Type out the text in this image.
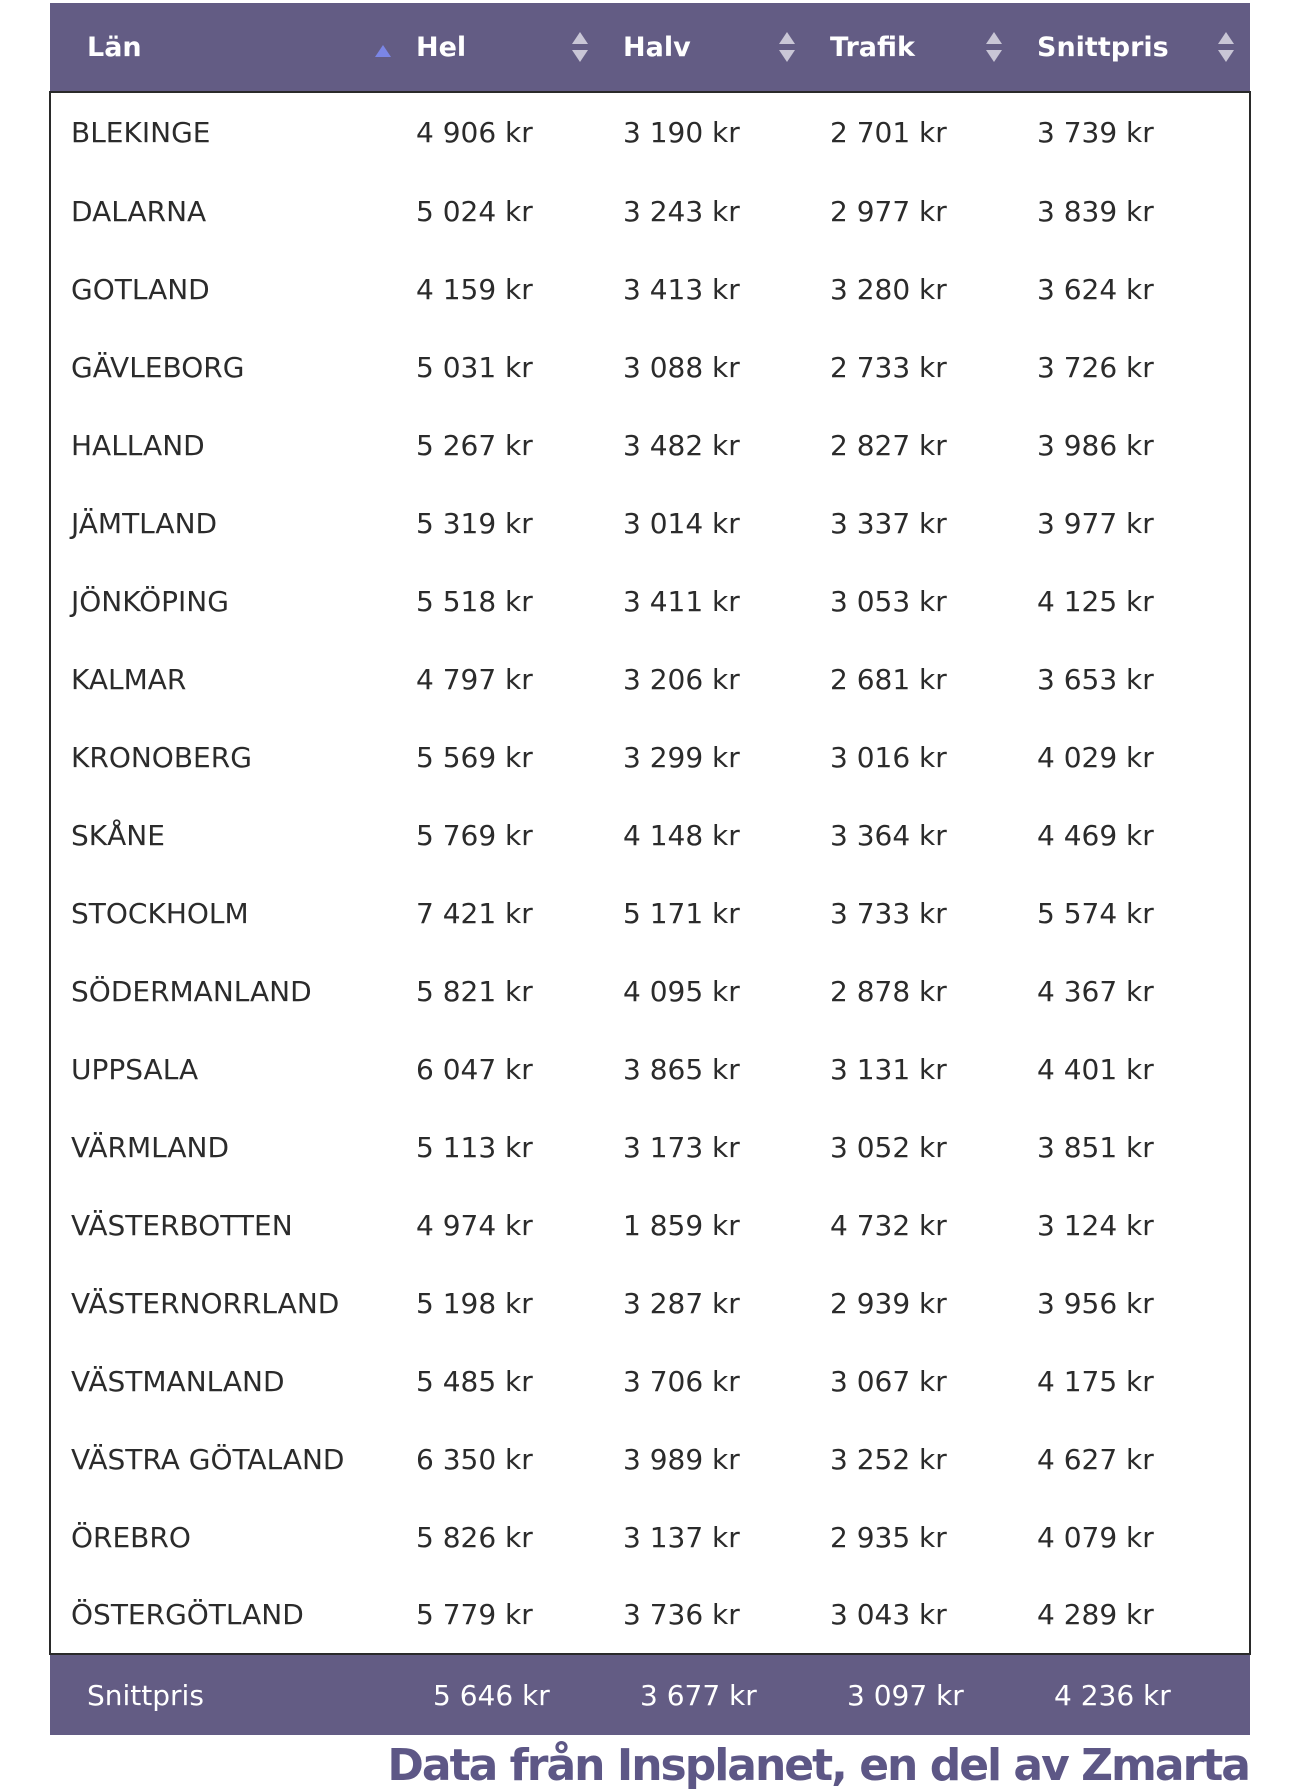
Län	Hel	Halv	Trafik	Snittpris

BLEKINGE	4 906 kr	3 190 kr	2 701 kr	3 739 kr
DALARNA	5 024 kr	3 243 kr	2 977 kr	3 839 kr
GOTLAND	4 159 kr	3 413 kr	3 280 kr	3 624 kr
GÄVLEBORG	5 031 kr	3 088 kr	2 733 kr	3 726 kr
HALLAND	5 267 kr	3 482 kr	2 827 kr	3 986 kr
JÄMTLAND	5 319 kr	3 014 kr	3 337 kr	3 977 kr
JÖNKÖPING	5 518 kr	3 411 kr	3 053 kr	4 125 kr
KALMAR	4 797 kr	3 206 kr	2 681 kr	3 653 kr
KRONOBERG	5 569 kr	3 299 kr	3 016 kr	4 029 kr
SKÅNE	5 769 kr	4 148 kr	3 364 kr	4 469 kr
STOCKHOLM	7 421 kr	5 171 kr	3 733 kr	5 574 kr
SÖDERMANLAND	5 821 kr	4 095 kr	2 878 kr	4 367 kr
UPPSALA	6 047 kr	3 865 kr	3 131 kr	4 401 kr
VÄRMLAND	5 113 kr	3 173 kr	3 052 kr	3 851 kr
VÄSTERBOTTEN	4 974 kr	1 859 kr	4 732 kr	3 124 kr
VÄSTERNORRLAND	5 198 kr	3 287 kr	2 939 kr	3 956 kr
VÄSTMANLAND	5 485 kr	3 706 kr	3 067 kr	4 175 kr
VÄSTRA GÖTALAND	6 350 kr	3 989 kr	3 252 kr	4 627 kr
ÖREBRO	5 826 kr	3 137 kr	2 935 kr	4 079 kr
ÖSTERGÖTLAND	5 779 kr	3 736 kr	3 043 kr	4 289 kr
Snittpris	5 646 kr	3 677 kr	3 097 kr	4 236 kr
Data från Insplanet, en del av Zmarta
